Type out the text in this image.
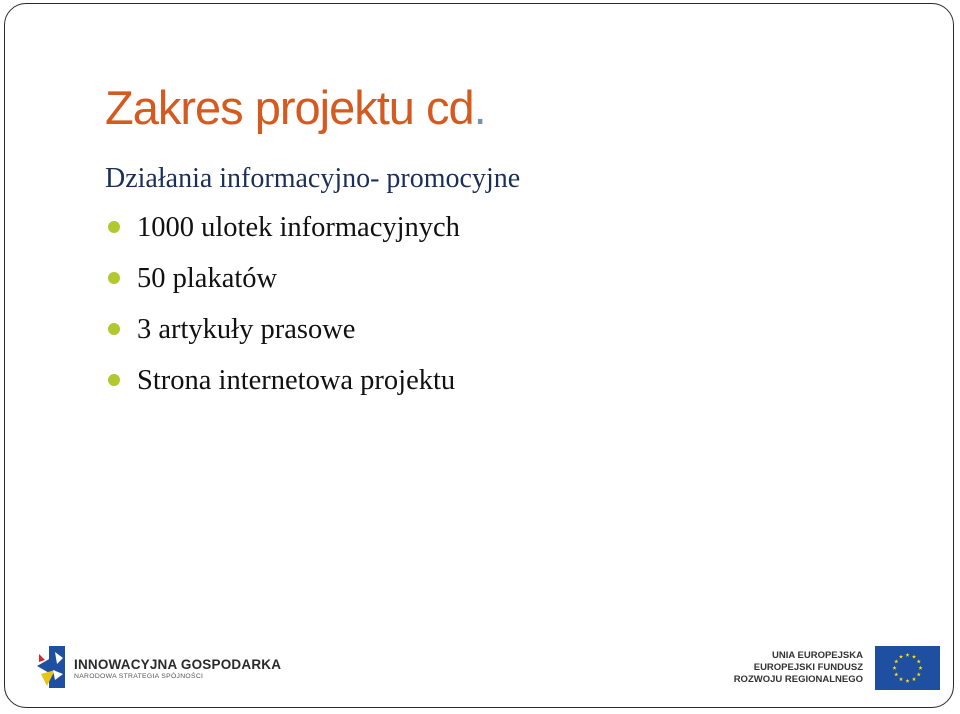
Zakres projektu cd.
Działania informacyjno- promocyjne
1000 ulotek informacyjnych
50 plakatów
3 artykuły prasowe
Strona internetowa projektu
INNOWACYJNA GOSPODARKA
NARODOWA STRATEGIA SPÓJNOŚCI
UNIA EUROPEJSKA
EUROPEJSKI FUNDUSZ
ROZWOJU REGIONALNEGO
